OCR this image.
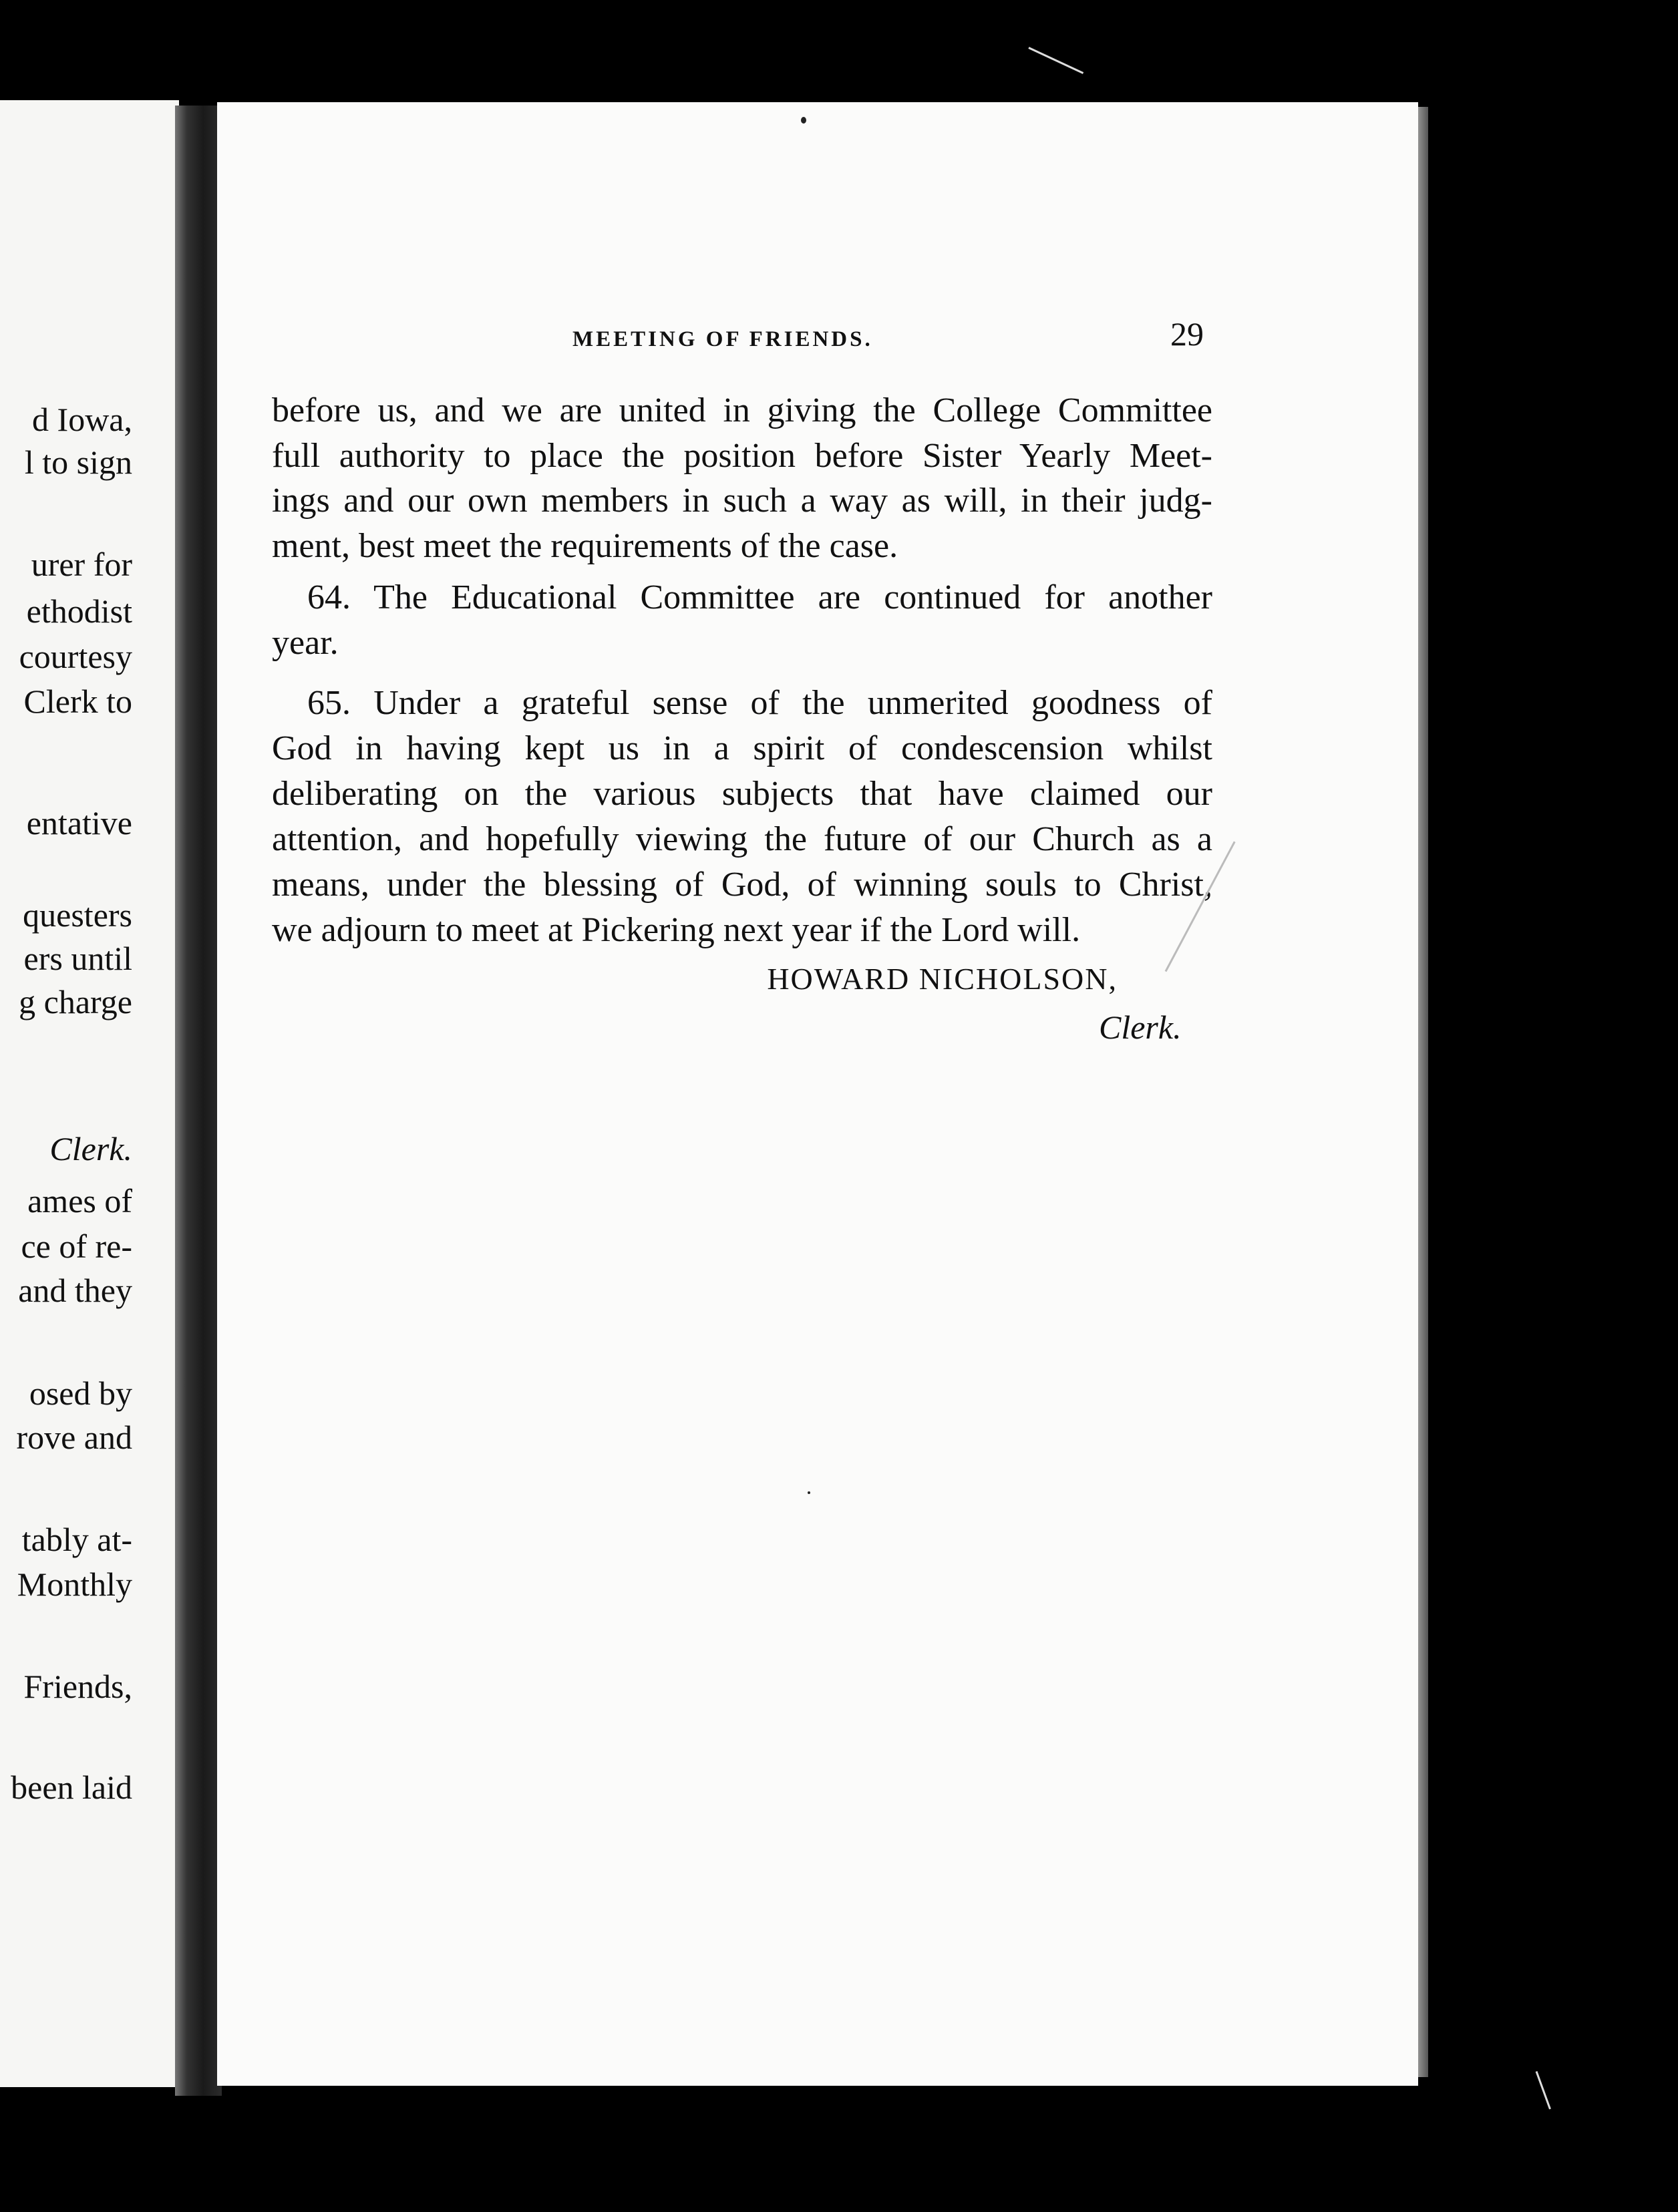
d Iowa,
l to sign
urer for
ethodist
courtesy
Clerk to
entative
questers
ers until
g charge
Clerk.
ames of
ce of re-
and they
osed by
rove and
tably at-
Monthly
Friends,
been laid
MEETING OF FRIENDS.	29
before us, and we are united in giving the College Committee
full authority to place the position before Sister Yearly Meet-
ings and our own members in such a way as will, in their judg-
ment, best meet the requirements of the case.
64. The Educational Committee are continued for another
year.
65. Under a grateful sense of the unmerited goodness of
God in having kept us in a spirit of condescension whilst
deliberating on the various subjects that have claimed our
attention, and hopefully viewing the future of our Church as a
means, under the blessing of God, of winning souls to Christ,
we adjourn to meet at Pickering next year if the Lord will.
HOWARD NICHOLSON,
Clerk.
